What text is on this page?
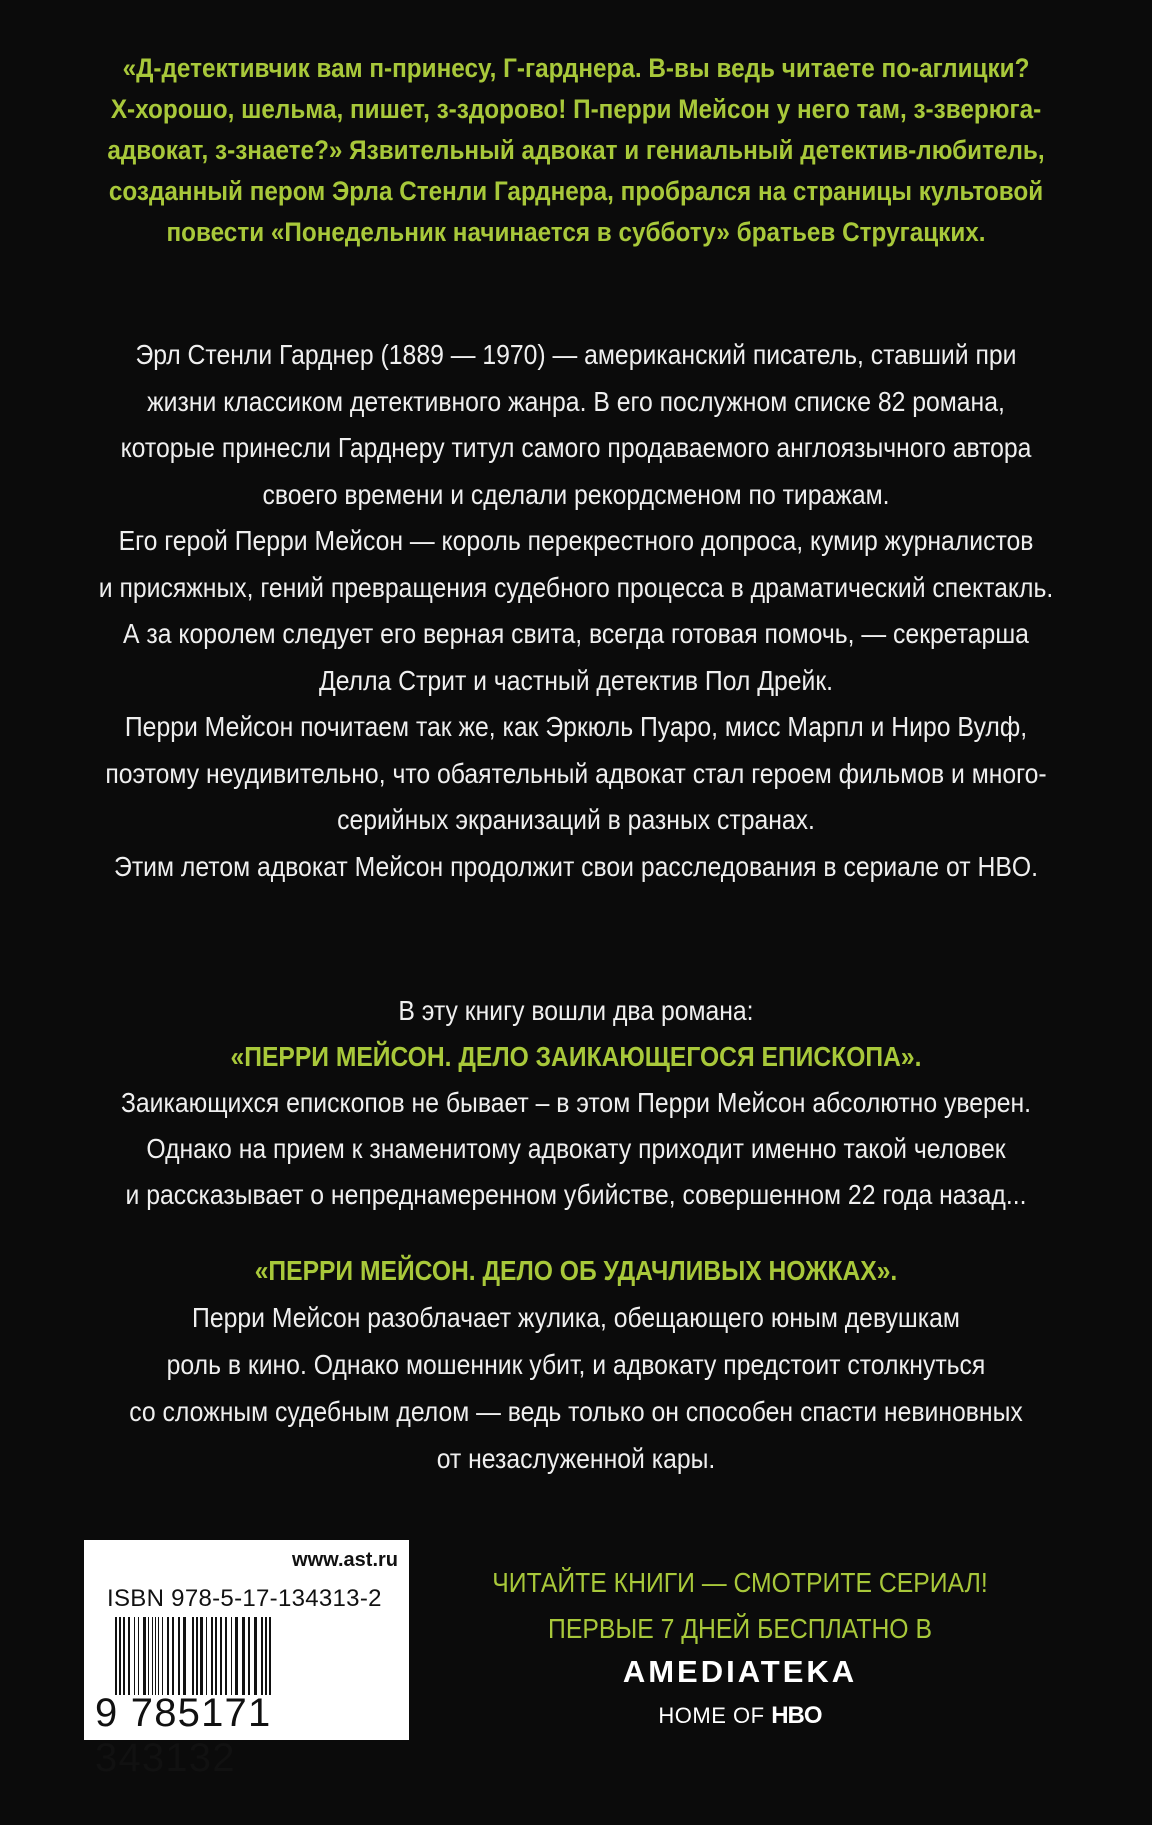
«Д-детективчик вам п-принесу, Г-гарднера. В-вы ведь читаете по-аглицки?
Х-хорошо, шельма, пишет, з-здорово! П-перри Мейсон у него там, з-зверюга-
адвокат, з-знаете?» Язвительный адвокат и гениальный детектив-любитель,
созданный пером Эрла Стенли Гарднера, пробрался на страницы культовой
повести «Понедельник начинается в субботу» братьев Стругацких.
Эрл Стенли Гарднер (1889 — 1970) — американский писатель, ставший при
жизни классиком детективного жанра. В его послужном списке 82 романа,
которые принесли Гарднеру титул самого продаваемого англоязычного автора
своего времени и сделали рекордсменом по тиражам.
Его герой Перри Мейсон — король перекрестного допроса, кумир журналистов
и присяжных, гений превращения судебного процесса в драматический спектакль.
А за королем следует его верная свита, всегда готовая помочь, — секретарша
Делла Стрит и частный детектив Пол Дрейк.
Перри Мейсон почитаем так же, как Эркюль Пуаро, мисс Марпл и Ниро Вулф,
поэтому неудивительно, что обаятельный адвокат стал героем фильмов и много-
серийных экранизаций в разных странах.
Этим летом адвокат Мейсон продолжит свои расследования в сериале от HBO.
В эту книгу вошли два романа:
«ПЕРРИ МЕЙСОН. ДЕЛО ЗАИКАЮЩЕГОСЯ ЕПИСКОПА».
Заикающихся епископов не бывает – в этом Перри Мейсон абсолютно уверен.
Однако на прием к знаменитому адвокату приходит именно такой человек
и рассказывает о непреднамеренном убийстве, совершенном 22 года назад...
«ПЕРРИ МЕЙСОН. ДЕЛО ОБ УДАЧЛИВЫХ НОЖКАХ».
Перри Мейсон разоблачает жулика, обещающего юным девушкам
роль в кино. Однако мошенник убит, и адвокату предстоит столкнуться
со сложным судебным делом — ведь только он способен спасти невиновных
от незаслуженной кары.
www.ast.ru
ISBN 978-5-17-134313-2
9 785171 343132
ЧИТАЙТЕ КНИГИ — СМОТРИТЕ СЕРИАЛ!
ПЕРВЫЕ 7 ДНЕЙ БЕСПЛАТНО В
AMEDIATEKA
HOME OF HBO
